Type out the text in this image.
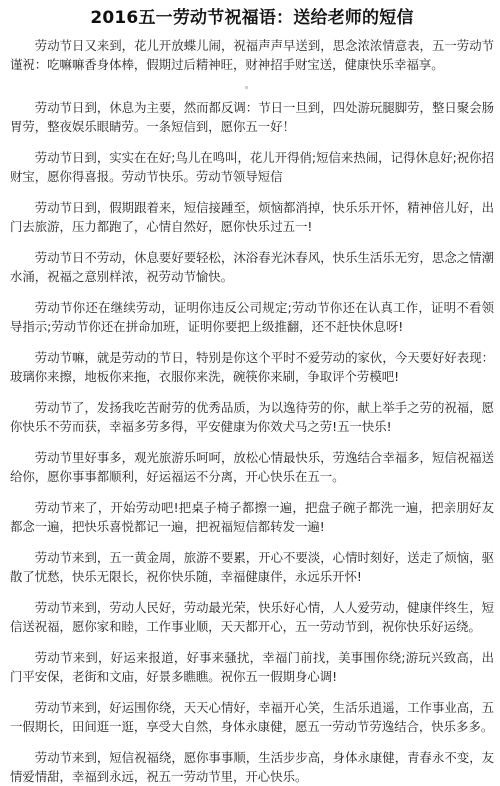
2016五一劳动节祝福语：送给老师的短信

劳动节日又来到，花儿开放蝶儿闹，祝福声声早送到，思念浓浓情意表，五一劳动节谨祝：吃嘛嘛香身体棒，假期过后精神旺，财神招手财宝送，健康快乐幸福享。

劳动节日到，休息为主要，然而都反调：节日一旦到，四处游玩腿脚劳，整日聚会肠胃劳，整夜娱乐眼睛劳。一条短信到，愿你五一好！

劳动节日到，实实在在好;鸟儿在鸣叫，花儿开得俏;短信来热闹，记得休息好;祝你招财宝，愿你得喜报。劳动节快乐。劳动节领导短信

劳动节日到，假期跟着来，短信接踵至，烦恼都消掉，快乐乐开怀，精神倍儿好，出门去旅游，压力都跑了，心情自然好，愿你快乐过五一!

劳动节日不劳动，休息要好要轻松，沐浴春光沐春风，快乐生活乐无穷，思念之情潮水涌，祝福之意别样浓，祝劳动节愉快。

劳动节你还在继续劳动，证明你违反公司规定;劳动节你还在认真工作，证明不看领导指示;劳动节你还在拼命加班，证明你要把上级推翻，还不赶快休息呀!

劳动节嘛，就是劳动的节日，特别是你这个平时不爱劳动的家伙，今天要好好表现：玻璃你来擦，地板你来拖，衣服你来洗，碗筷你来刷，争取评个劳模吧!

劳动节了，发扬我吃苦耐劳的优秀品质，为以逸待劳的你，献上举手之劳的祝福，愿你快乐不劳而获，幸福多劳多得，平安健康为你效犬马之劳!五一快乐!

劳动节里好事多，观光旅游乐呵呵，放松心情最快乐，劳逸结合幸福多，短信祝福送给你，愿你事事都顺利，好运福运不分离，开心快乐在五一。

劳动节来了，开始劳动吧!把桌子椅子都擦一遍，把盘子碗子都洗一遍，把亲朋好友都念一遍，把快乐喜悦都记一遍，把祝福短信都转发一遍!

劳动节来到，五一黄金周，旅游不要累，开心不要淡，心情时刻好，送走了烦恼，驱散了忧愁，快乐无限长，祝你快乐随，幸福健康伴，永远乐开怀!

劳动节来到，劳动人民好，劳动最光荣，快乐好心情，人人爱劳动，健康伴终生，短信送祝福，愿你家和睦，工作事业顺，天天都开心，五一劳动节到，祝你快乐好运绕。

劳动节来到，好运来报道，好事来骚扰，幸福门前找，美事围你绕;游玩兴致高，出门平安保，老街和文庙，好景多瞧瞧。祝你五一假期身心调!

劳动节来到，好运围你绕，天天心情好，幸福开心笑，生活乐逍遥，工作事业高，五一假期长，田间逛一逛，享受大自然，身体永康健，愿五一劳动节劳逸结合，快乐多多。

劳动节来到，短信祝福绕，愿你事事顺，生活步步高，身体永康健，青春永不变，友情爱情甜，幸福到永远，祝五一劳动节里，开心快乐。
